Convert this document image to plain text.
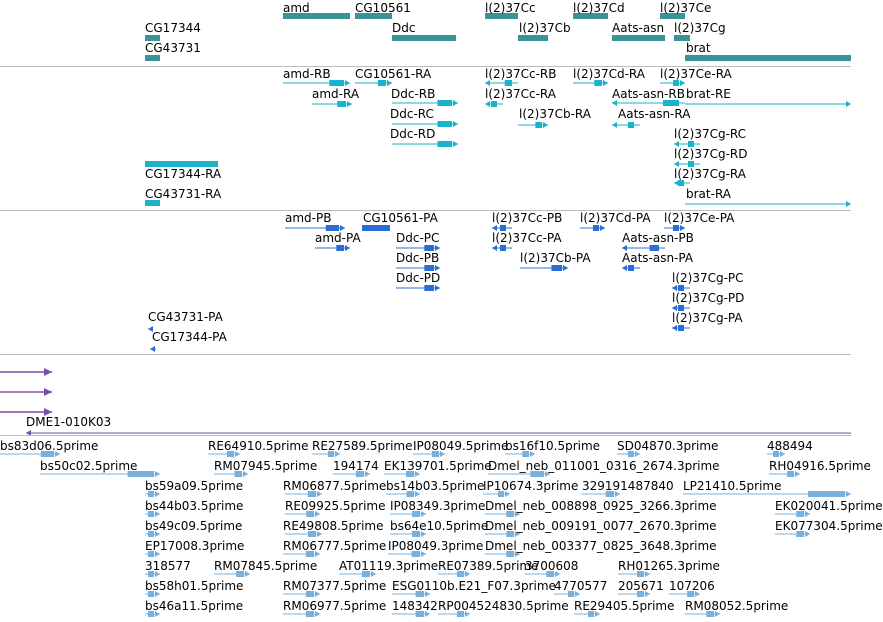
amd	CG10561
Ddc
l(2)37Cc
l(2)37Cb
l(2)37Cd
Aats-asn
l(2)37Ce
l(2)37Cg
brat
CG17344
CG43731
amd-RB
amd-RA
CG10561-RA
Ddc-RB
Ddc-RC
Ddc-RD
l(2)37Cc-RB
l(2)37Cc-RA
l(2)37Cb-RA
l(2)37Cd-RA
Aats-asn-RB
Aats-asn-RA
l(2)37Ce-RA
brat-RE
l(2)37Cg-RC
l(2)37Cg-RD
l(2)37Cg-RA
brat-RA
CG17344-RA
CG43731-RA
amd-PB
amd-PA
CG10561-PA
Ddc-PC
Ddc-PB
Ddc-PD
l(2)37Cc-PB
l(2)37Cc-PA
l(2)37Cb-PA
l(2)37Cd-PA
Aats-asn-PB
Aats-asn-PA
l(2)37Ce-PA
l(2)37Cg-PC
l(2)37Cg-PD
l(2)37Cg-PA
CG43731-PA
CG17344-PA
DME1-010K03
bs83d06.5prime	RE64910.5prime RE27589.5prime IP08049.5prime
bs16f10.5prime SD04870.3prime	488494
bs50c02.5prime	RM07945.5prime 194174 EK139701.5prime
Dmel_neb_011001_0316_2674.3prime	RH04916.5prime
bs59a09.5prime	RM06877.5prime bs14b03.5prime
IP10674.3prime 329191487840 LP21410.5prime
bs44b03.5prime	RE09925.5prime IP08349.3prime Dmel_neb_008898_0925_3266.3prime	EK020041.5prime
bs49c09.5prime	RE49808.5prime bs64e10.5prime
Dmel_neb_009191_0077_2670.3prime	EK077304.5prime
EP17008.3prime	RM06777.5prime IP08049.3prime Dmel_neb_003377_0825_3648.3prime
318577 RM07845.5prime AT01119.3prime RE07389.5prime
3700608	RH01265.3prime
bs58h01.5prime	RM07377.5prime ESG0110b.E21_F07.3prime
4770577 205671 107206
bs46a11.5prime	RM06977.5prime 148342 RP004524830.5prime RE29405.5prime RM08052.5prime
